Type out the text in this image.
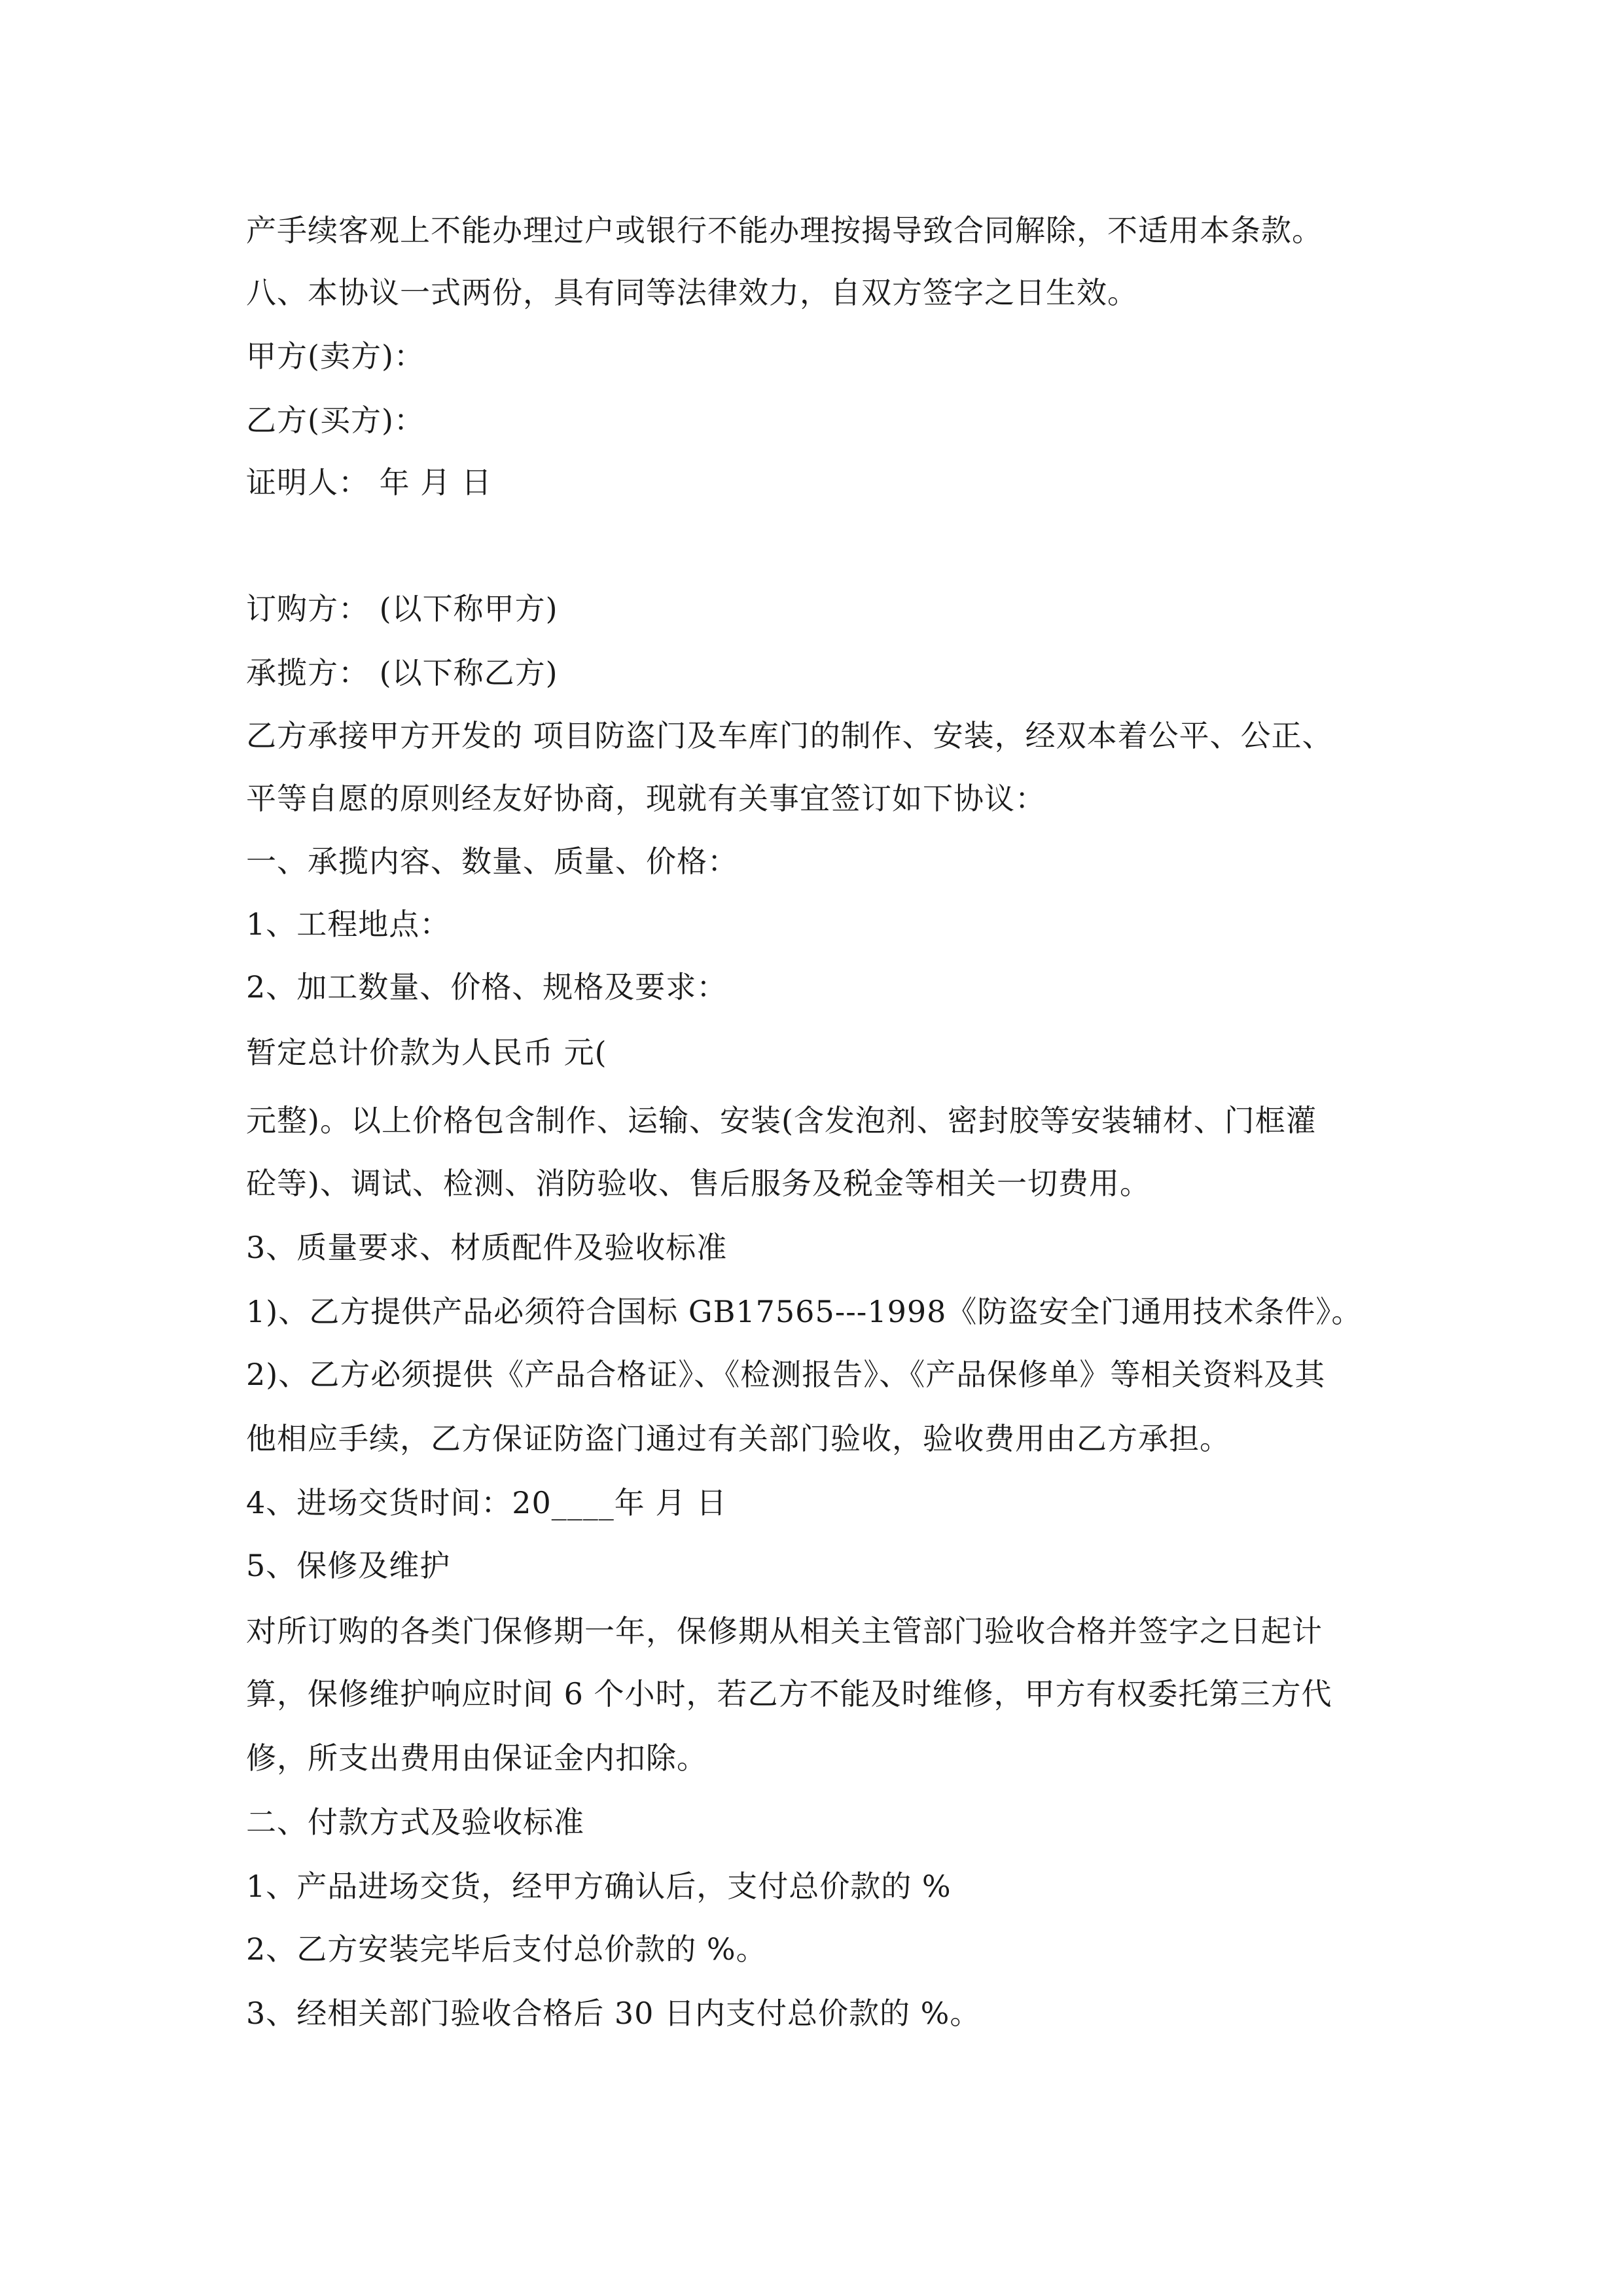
产手续客观上不能办理过户或银行不能办理按揭导致合同解除，不适用本条款。
八、本协议一式两份，具有同等法律效力，自双方签字之日生效。
甲方(卖方)：
乙方(买方)：
证明人： 年 月 日
订购方： (以下称甲方)
承揽方： (以下称乙方)
乙方承接甲方开发的 项目防盗门及车库门的制作、安装，经双本着公平、公正、
平等自愿的原则经友好协商，现就有关事宜签订如下协议：
一、承揽内容、数量、质量、价格：
1、工程地点：
2、加工数量、价格、规格及要求：
暂定总计价款为人民币 元(
元整)。以上价格包含制作、运输、安装(含发泡剂、密封胶等安装辅材、门框灌
砼等)、调试、检测、消防验收、售后服务及税金等相关一切费用。
3、质量要求、材质配件及验收标准
1)、乙方提供产品必须符合国标 GB17565---1998《防盗安全门通用技术条件》。
2)、乙方必须提供《产品合格证》、《检测报告》、《产品保修单》等相关资料及其
他相应手续，乙方保证防盗门通过有关部门验收，验收费用由乙方承担。
4、进场交货时间：20____年 月 日
5、保修及维护
对所订购的各类门保修期一年，保修期从相关主管部门验收合格并签字之日起计
算，保修维护响应时间 6 个小时，若乙方不能及时维修，甲方有权委托第三方代
修，所支出费用由保证金内扣除。
二、付款方式及验收标准
1、产品进场交货，经甲方确认后，支付总价款的 %
2、乙方安装完毕后支付总价款的 %。
3、经相关部门验收合格后 30 日内支付总价款的 %。
